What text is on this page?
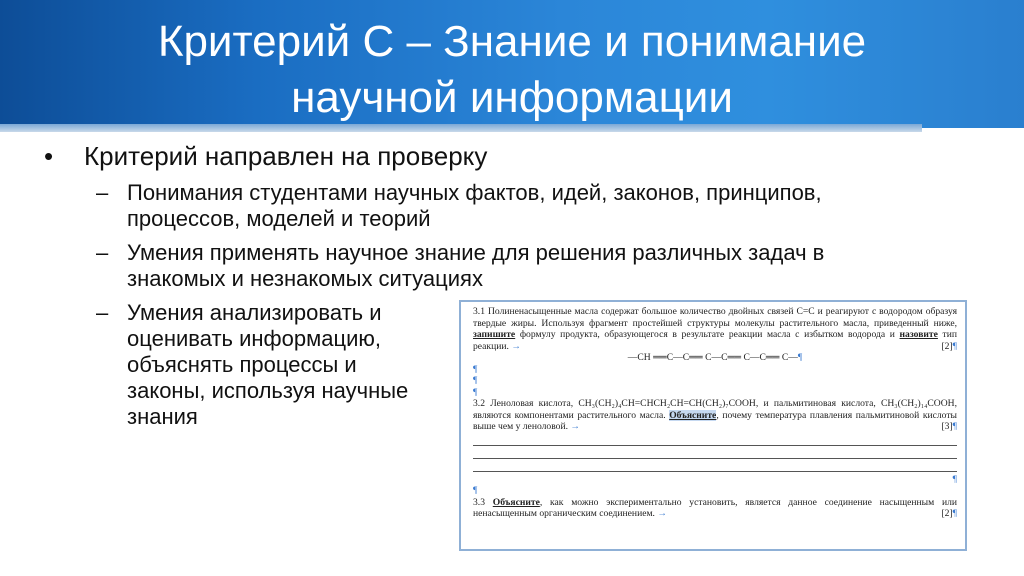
Критерий С – Знание и понимание
научной информации
• Критерий направлен на проверку
– Понимания студентами научных фактов, идей, законов, принципов,
процессов, моделей и теорий
– Умения применять научное знание для решения различных задач в
знакомых и незнакомых ситуациях
– Умения анализировать и
оценивать информацию,
объяснять процессы и
законы, используя научные
знания

3.1 Полиненасыщенные масла содержат большое количество двойных связей С=С и реагируют с водородом образуя твердые жиры. Используя фрагмент простейшей структуры молекулы растительного масла, приведенный ниже, запишите формулу продукта, образующегося в результате реакции масла с избытком водорода и назовите тип реакции. →	[2]¶

—CH ══C—C══ C—C══ C—C══ C—¶

¶
¶
¶

3.2 Леноловая кислота, CH₃(CH₂)₄CH=CHCH₂CH=CH(CH₂)₇COOH, и пальмитиновая кислота, CH₃(CH₂)₁₄COOH, являются компонентами растительного масла. Объясните, почему температура плавления пальмитиновой кислоты выше чем у леноловой. →	[3]¶

¶
¶

3.3 Объясните, как можно экспериментально установить, является данное соединение насыщенным или ненасыщенным органическим соединением. →	[2]¶
